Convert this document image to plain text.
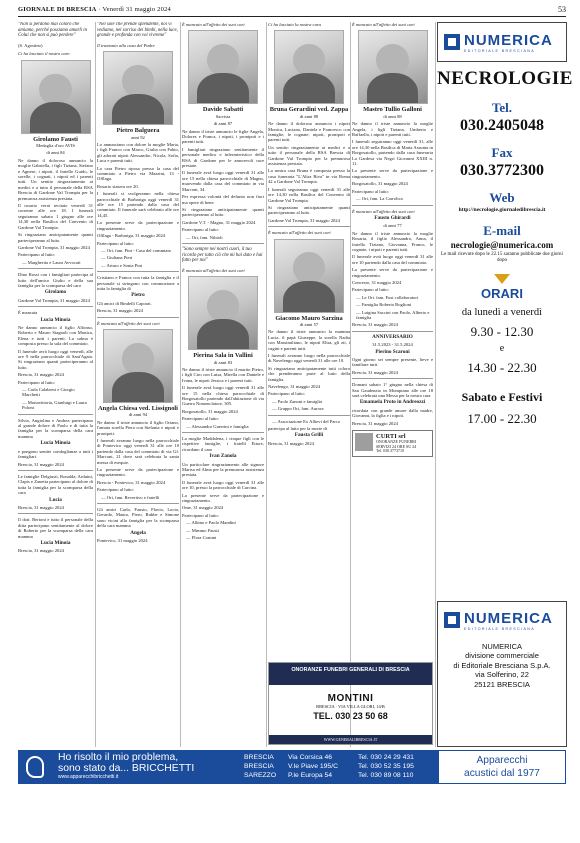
GIORNALE DI BRESCIA · Venerdì 31 maggio 2024	53
"Non si perdono mai coloro che amiamo, perché possiamo amarli in Colui che non si può perdere"
(S. Agostino)
Ci ha lasciato il nostro caro
Girolamo Fausti
Medaglia d'oro AVIS
di anni 84

Ne danno il doloroso annuncio la moglie Gabriella, i figli Tiziana, Stefano e Agnese, i nipoti, il fratello Guido, le sorelle, i cognati, i nipoti ed i parenti tutti. Un sentito ringraziamento ai medici e a tutto il personale della RSA Brescia di Gardone Val Trompia per la premurosa assistenza prestata.

Il rosario verrà recitato venerdì 31 corrente alle ore 18. I funerali seguiranno sabato 1 giugno alle ore 14,30 nella Basilica del Convento di Gardone Val Trompia.

Si ringraziano anticipatamente quanti parteciperanno al lutto.

Gardone Val Trompia, 31 maggio 2024

Partecipano al lutto:

— Margherita e Laura Avvocati

Dino Rossi con i famigliari partecipa al lutto dell'amico Giulio e della sua famiglia per la scomparsa del caro

Girolamo

Gardone Val Trompia, 31 maggio 2024

È mancata

Lucia Minoia

Ne danno annuncio il figlio Alfonso, Roberto e Mauro Stagnoli con Monica, Elena e tutti i parenti. La salma è composta presso la sala del commiato.

Il funerale avrà luogo oggi venerdì, alle ore 9 nella parrocchiale di Sant'Agata. Si ringraziano quanti parteciperanno al lutto.

Brescia, 31 maggio 2024

Partecipano al lutto:

— Carla Calabresi e Giorgio Marchetti

— Mariavittoria, Gianluigi e Laura Poloni

Silvia, Angiolina e Andrea partecipano al grande dolore di Paolo e di tutta la famiglia per la scomparsa della cara mamma

Lucia Minoia

e pongono sentite condoglianze a tutti i famigliari.

Brescia, 31 maggio 2024

Le famiglie Delgiusti, Ronalda, Arduini, Clapis e Zanetta partecipano al dolore di tutta la famiglia per la scomparsa della cara

Lucia

Brescia, 31 maggio 2024

Il dott. Bertoni e tutto il personale della ditta partecipano sentitamente al dolore di Roberto per la scomparsa della cara mamma

Lucia Minoia

Brescia, 31 maggio 2024

"Nel sole che prende splendente, noi vi vediamo, nel sorriso dei bimbi, nella luce, grande e profonda con voi vivremo"
Il tramonto alla casa del Padre
Pietro Balguera
anni 92

Lo annunciano con dolore la moglie Maria, i figli Franco con Marco, Giulia con Fabio, gli adorati nipoti Alessandro, Nicola, Sofia, Luca e parenti tutti.

La cara Pietro riposa presso la casa del commiato a Pietro via Mazzini, 13 - Offlaga.

Rosario stasera ore 20.

I funerali si svolgeranno nella chiesa parrocchiale di Barbariga oggi venerdì 31 alle ore 15 partendo dalla casa del commiato. Il funerale sarà celebrato alle ore 14,45.

La presente serve da partecipazione e ringraziamento.

Offlaga - Barbariga, 31 maggio 2024

Partecipano al lutto:

— Ori, fam. Pini - Casa del commiato

— Giuliana Pieri

— Arturo e Sonia Pini

Cristiano e Franca con tutta la famiglia e il personale si stringono con commozione a tutta la famiglia di

Pietro

Gli amici di Bindelli Caporai.

Brescia, 31 maggio 2024

È mancata all'affetto dei suoi cari
Angela Chiesa ved. Lissignoli
di anni 94

Ne danno il triste annuncio il figlio Oriano, l'amata sorella Piera con Stefania e nipoti e pronipoti.

I funerali avranno luogo nella parrocchiale di Pontevico oggi venerdì 31 alle ore 10 partendo dalla casa del commiato di via Gf. Marconi, 21 dove sarà celebrata la santa messa di esequie.

La presente serve da partecipazione e ringraziamento.

Brescia - Pontevico, 31 maggio 2024

Partecipano al lutto:

— Ori, fam. Revertivo e fratelli

Gli amici Carlo, Fausto, Flavio, Lucia, Gerardo, Mauro, Piero, Rubbe e Simone sono vicini alla famiglia per la scomparsa della cara mamma

Angela

Pontevico, 31 maggio 2024

È mancato all'affetto dei suoi cari
Davide Sabatti
Sacrista
di anni 87

Ne danno il triste annuncio le figlie Angela, Dolores e Franca, i nipoti, i pronipoti e i parenti tutti.

I famigliari ringraziano sentitamente il personale medico e infermieristico della RSA di Gardone per le amorevoli cure prestate.

Il funerale avrà luogo oggi venerdì 31 alle ore 15 nella chiesa parrocchiale di Magno, muovendo dalla casa del commiato in via Marconi, 34.

Per espressa volontà del defunto non fiori ma opere di bene.

Si ringraziano anticipatamente quanti parteciperanno al lutto.

Gardone V.T. - Magno, 31 maggio 2024

Partecipano al lutto:

— Ori, fam. Nibioli

"Sono sempre nei nostri cuori, il tuo ricordo per tutto ciò che mi hai dato e hai fatto per noi"
È mancata all'affetto dei suoi cari
Pierina Sala in Vallini
di anni 83

Ne danno il triste annuncio il marito Pietro, i figli Ciro con Luisa, Mirella con Daniele e Ivana, le nipoti Jessica e i parenti tutti.

Il funerale avrà luogo oggi venerdì 31 alle ore 15 nella chiesa parrocchiale di Borgosatollo partendo dall'abitazione di via Guerra Nomenclatore, 305.

Borgosatollo, 31 maggio 2024

Partecipano al lutto:

— Alessandro Guerrini e famiglia

La moglie Maddalena, i cinque figli con le rispettive famiglie, i fratelli Ettore, ricordano il caro

Ivan Zanola

Un particolare ringraziamento alle signore Marisa ed Alma per la premurosa assistenza prestata.

Il funerale avrà luogo oggi venerdì 31 alle ore 10, presso la parrocchiale di Carcina.

La presente serve da partecipazione e ringraziamento.

Ome, 31 maggio 2024

Partecipano al lutto:

— Albino e Paolo Mandini

— Mimmo Fausti

— Flora Comini

Ci ha lasciato la nostra cara
Bruna Gerardini ved. Zappa
di anni 88

Ne danno il doloroso annuncio i nipoti Monica, Luciano, Daniela e Francesco con famiglie, le cognate, nipoti, pronipoti e parenti tutti.

Un sentito ringraziamento ai medici e a tutto il personale della RSA Brescia di Gardone Val Trompia per la premurosa assistenza prestata.

La nostra cara Bruna è composta presso la casa funeraria "L'Altra Riva" in via Roma 42 a Gardone Val Trompia.

I funerali seguiranno oggi venerdì 31 alle ore 14,30 nella Basilica del Convento di Gardone Val Trompia.

Si ringraziano anticipatamente quanti parteciperanno al lutto.

Gardone Val Trompia, 31 maggio 2024

È mancato all'affetto dei suoi cari
Giacomo Mauro Sarzina
di anni 57

Ne danno il triste annuncio la mamma Lucia, il papà Giuseppe, la sorella Nadia con Massimiliano, le nipoti Elisa, gli zii, i cugini e parenti tutti.

I funerali avranno luogo nella parrocchiale di Navelengo oggi venerdì 31 alle ore 10.

Si ringraziano anticipatamente tutti coloro che prenderanno parte al lutto della famiglia.

Navelengo, 31 maggio 2024

Partecipano al lutto:

— Paolo Zanoni e famiglia

— Gruppo Ori, fam. Aurora

— Associazione Ex Allievi del Parco

partecipa al lutto per la morte di

Fausta Grilli

Brescia, 31 maggio 2024

ONORANZE FUNEBRI GENERALI DI BRESCIA
MONTINI
BRESCIA · VIA VILLA GLORI, 14/B
TEL. 030 23 50 68
WWW.GENERALIBRESCIA.IT
È mancato all'affetto dei suoi cari
Mastro Tullio Galloni
di anni 88

Ne danno il triste annuncio la moglie Angela, i figli Tiziana, Umberto e Raffaella, i nipoti e parenti tutti.

I funerali seguiranno oggi venerdì 31, alle ore 14,30 nella Basilica di Maria Assunta in Borgosatollo, partendo dalla casa funeraria La Gardesa via Negri Giovanni XXIII n. 11.

La presente serve da partecipazione e ringraziamento.

Borgosatollo, 31 maggio 2024

Partecipano al lutto:

— Ori, fam. La Carrolica

È mancato all'affetto dei suoi cari
Fausto Ghirardi
di anni 77

Ne danno il triste annuncio la moglie Rosaria, il figlio Alessandro, Anna, il fratello Tiziano, Giovanna, Franco, le cognate, i nipoti e parenti tutti.

Il funerale avrà luogo oggi venerdì 31 alle ore 10 partendo dalla casa del commiato.

La presente serve da partecipazione e ringraziamento.

Concesio, 31 maggio 2024

Partecipano al lutto:

— Le Ori. fam. Fusi collaboratori

— Famiglia Roberto Boglioni

— Luigina Saccini con Paolo, Alberto e famiglia

Brescia, 31 maggio 2024

ANNIVERSARIO
31.5.2023 - 31.5.2024
Pierino Scaroni

Ogni giorno sei sempre presente, lieve e familiare tutti.

Brescia, 31 maggio 2024

Domani sabato 1° giugno nella chiesa di San Gaudenzio in Mompiano alle ore 18 sarà celebrata una Messa per la nostra cara

Emanuela Proto in Andreozzi

ricordata con grande amore dalla madre, Giovanni, la figlia e i nipoti.

Brescia, 31 maggio 2024

CURTI srl
ONORANZE FUNEBRI
SERVIZI 24 ORE SU 24
Tel. 030.3773710
NUMERICA
EDITORIALE BRESCIANA
NECROLOGIE
Tel.
030.2405048
Fax
030.3772300
Web
http://necrologie.giornaledibrescia.it
E-mail
necrologie@numerica.com
Le mail ricevute dopo le 22.15 saranno pubblicate due giorni dopo
ORARI
da lunedì a venerdì
9.30 - 12.30
e
14.30 - 22.30
Sabato e Festivi
17.00 - 22.30
NUMERICA
EDITORIALE BRESCIANA
NUMERICA
divisione commerciale
di Editoriale Bresciana S.p.A.
via Solferino, 22
25121 BRESCIA
Ho risolto il mio problema,
sono stato da... BRICCHETTI
www.apparecchibricchetti.it
BRESCIA
BRESCIA
SAREZZO
Via Corsica 46
V.le Piave 195/C
P.le Europa 54
Tel. 030 24 29 431
Tel. 030 52 35 195
Tel. 030 89 08 110
Apparecchi
acustici dal 1977
